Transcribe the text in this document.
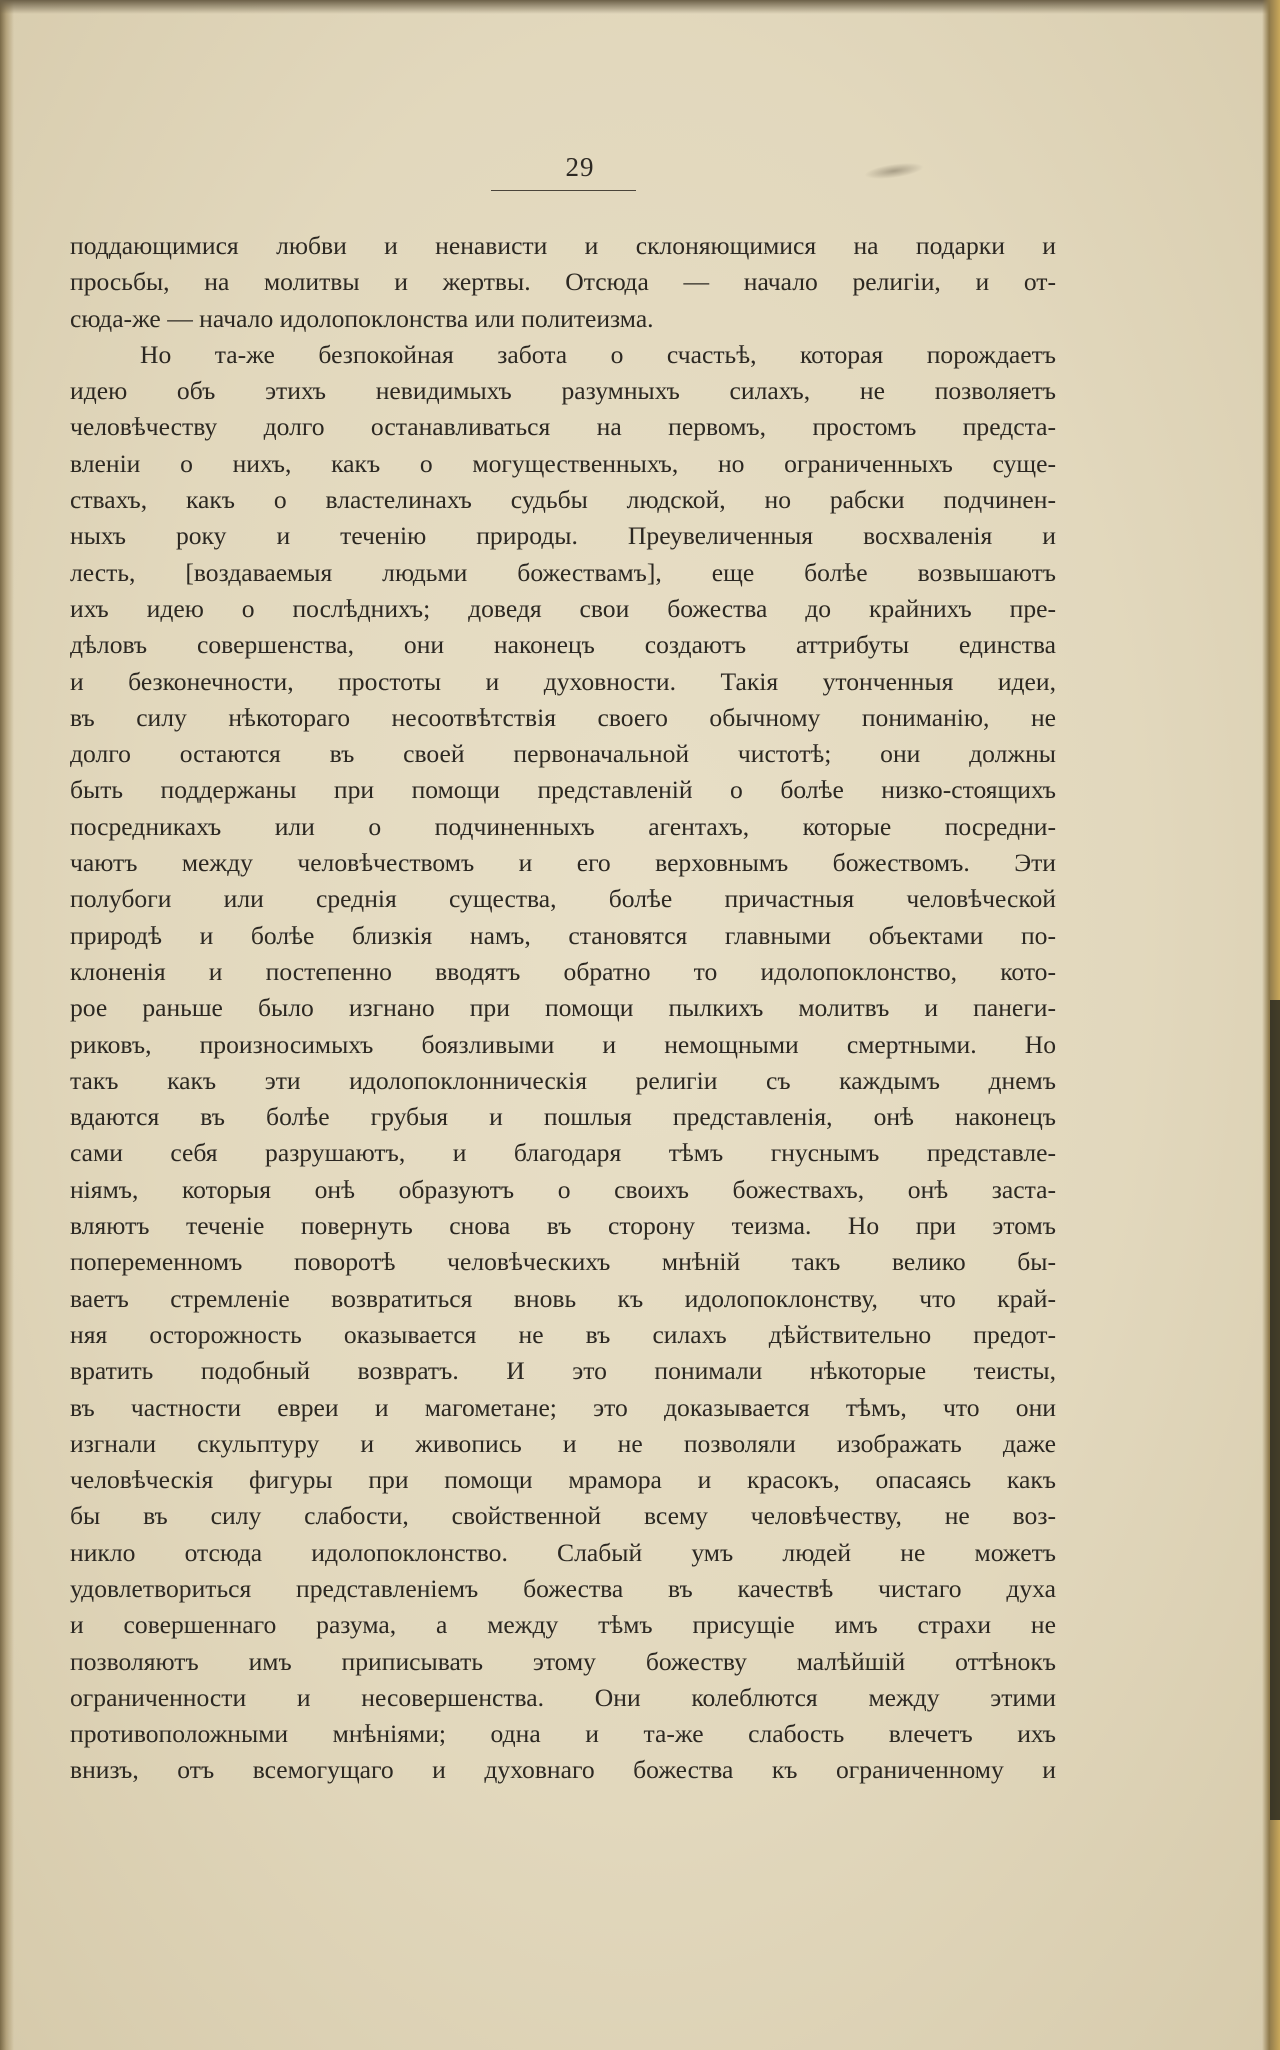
29
поддающимися любви и ненависти и склоняющимися на подарки и
просьбы, на молитвы и жертвы. Отсюда — начало религiи, и от-
сюда-же — начало идолопоклонства или политеизма.
Но та-же безпокойная забота о счастьѣ, которая порождаетъ
идею объ этихъ невидимыхъ разумныхъ силахъ, не позволяетъ
человѣчеству долго останавливаться на первомъ, простомъ предста-
вленiи о нихъ, какъ о могущественныхъ, но ограниченныхъ суще-
ствахъ, какъ о властелинахъ судьбы людской, но рабски подчинен-
ныхъ року и теченiю природы. Преувеличенныя восхваленiя и
лесть, [воздаваемыя людьми божествамъ], еще болѣе возвышаютъ
ихъ идею о послѣднихъ; доведя свои божества до крайнихъ пре-
дѣловъ совершенства, они наконецъ создаютъ аттрибуты единства
и безконечности, простоты и духовности. Такiя утонченныя идеи,
въ силу нѣкотораго несоотвѣтствiя своего обычному пониманiю, не
долго остаются въ своей первоначальной чистотѣ; они должны
быть поддержаны при помощи представленiй о болѣе низко-стоящихъ
посредникахъ или о подчиненныхъ агентахъ, которые посредни-
чаютъ между человѣчествомъ и его верховнымъ божествомъ. Эти
полубоги или среднiя существа, болѣе причастныя человѣческой
природѣ и болѣе близкiя намъ, становятся главными объектами по-
клоненiя и постепенно вводятъ обратно то идолопоклонство, кото-
рое раньше было изгнано при помощи пылкихъ молитвъ и панеги-
риковъ, произносимыхъ боязливыми и немощными смертными. Но
такъ какъ эти идолопоклонническiя религiи съ каждымъ днемъ
вдаются въ болѣе грубыя и пошлыя представленiя, онѣ наконецъ
сами себя разрушаютъ, и благодаря тѣмъ гнуснымъ представле-
нiямъ, которыя онѣ образуютъ о своихъ божествахъ, онѣ заста-
вляютъ теченiе повернуть снова въ сторону теизма. Но при этомъ
попеременномъ поворотѣ человѣческихъ мнѣнiй такъ велико бы-
ваетъ стремленiе возвратиться вновь къ идолопоклонству, что край-
няя осторожность оказывается не въ силахъ дѣйствительно предот-
вратить подобный возвратъ. И это понимали нѣкоторые теисты,
въ частности евреи и магометане; это доказывается тѣмъ, что они
изгнали скульптуру и живопись и не позволяли изображать даже
человѣческiя фигуры при помощи мрамора и красокъ, опасаясь какъ
бы въ силу слабости, свойственной всему человѣчеству, не воз-
никло отсюда идолопоклонство. Слабый умъ людей не можетъ
удовлетвориться представленiемъ божества въ качествѣ чистаго духа
и совершеннаго разума, а между тѣмъ присущiе имъ страхи не
позволяютъ имъ приписывать этому божеству малѣйшiй оттѣнокъ
ограниченности и несовершенства. Они колеблются между этими
противоположными мнѣнiями; одна и та-же слабость влечетъ ихъ
внизъ, отъ всемогущаго и духовнаго божества къ ограниченному и
